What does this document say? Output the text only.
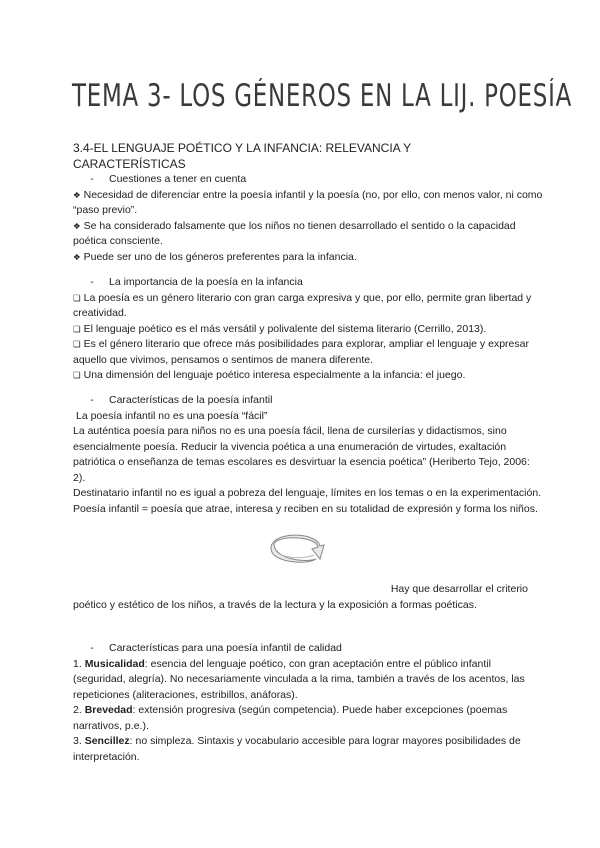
TEMA 3- LOS GÉNEROS EN LA LIJ. POESÍA
3.4-EL LENGUAJE POÉTICO Y LA INFANCIA: RELEVANCIA Y CARACTERÍSTICAS

- Cuestiones a tener en cuenta

❖ Necesidad de diferenciar entre la poesía infantil y la poesía (no, por ello, con menos valor, ni como “paso previo”.

❖ Se ha considerado falsamente que los niños no tienen desarrollado el sentido o la capacidad poética consciente.

❖ Puede ser uno de los géneros preferentes para la infancia.

- La importancia de la poesía en la infancia

❏ La poesía es un género literario con gran carga expresiva y que, por ello, permite gran libertad y creatividad.

❏ El lenguaje poético es el más versátil y polivalente del sistema literario (Cerrillo, 2013).

❏ Es el género literario que ofrece más posibilidades para explorar, ampliar el lenguaje y expresar aquello que vivimos, pensamos o sentimos de manera diferente.

❏ Una dimensión del lenguaje poético interesa especialmente a la infancia: el juego.

- Características de la poesía infantil

La poesía infantil no es una poesía “fácil”

La auténtica poesía para niños no es una poesía fácil, llena de cursilerías y didactismos, sino esencialmente poesía. Reducir la vivencia poética a una enumeración de virtudes, exaltación patriótica o enseñanza de temas escolares es desvirtuar la esencia poética” (Heriberto Tejo, 2006: 2).

Destinatario infantil no es igual a pobreza del lenguaje, límites en los temas o en la experimentación. Poesía infantil = poesía que atrae, interesa y reciben en su totalidad de expresión y forma los niños.

Hay que desarrollar el criterio

poético y estético de los niños, a través de la lectura y la exposición a formas poéticas.

- Características para una poesía infantil de calidad

1. Musicalidad: esencia del lenguaje poético, con gran aceptación entre el público infantil (seguridad, alegría). No necesariamente vinculada a la rima, también a través de los acentos, las repeticiones (aliteraciones, estribillos, anáforas).

2. Brevedad: extensión progresiva (según competencia). Puede haber excepciones (poemas narrativos, p.e.).

3. Sencillez: no simpleza. Sintaxis y vocabulario accesible para lograr mayores posibilidades de interpretación.
